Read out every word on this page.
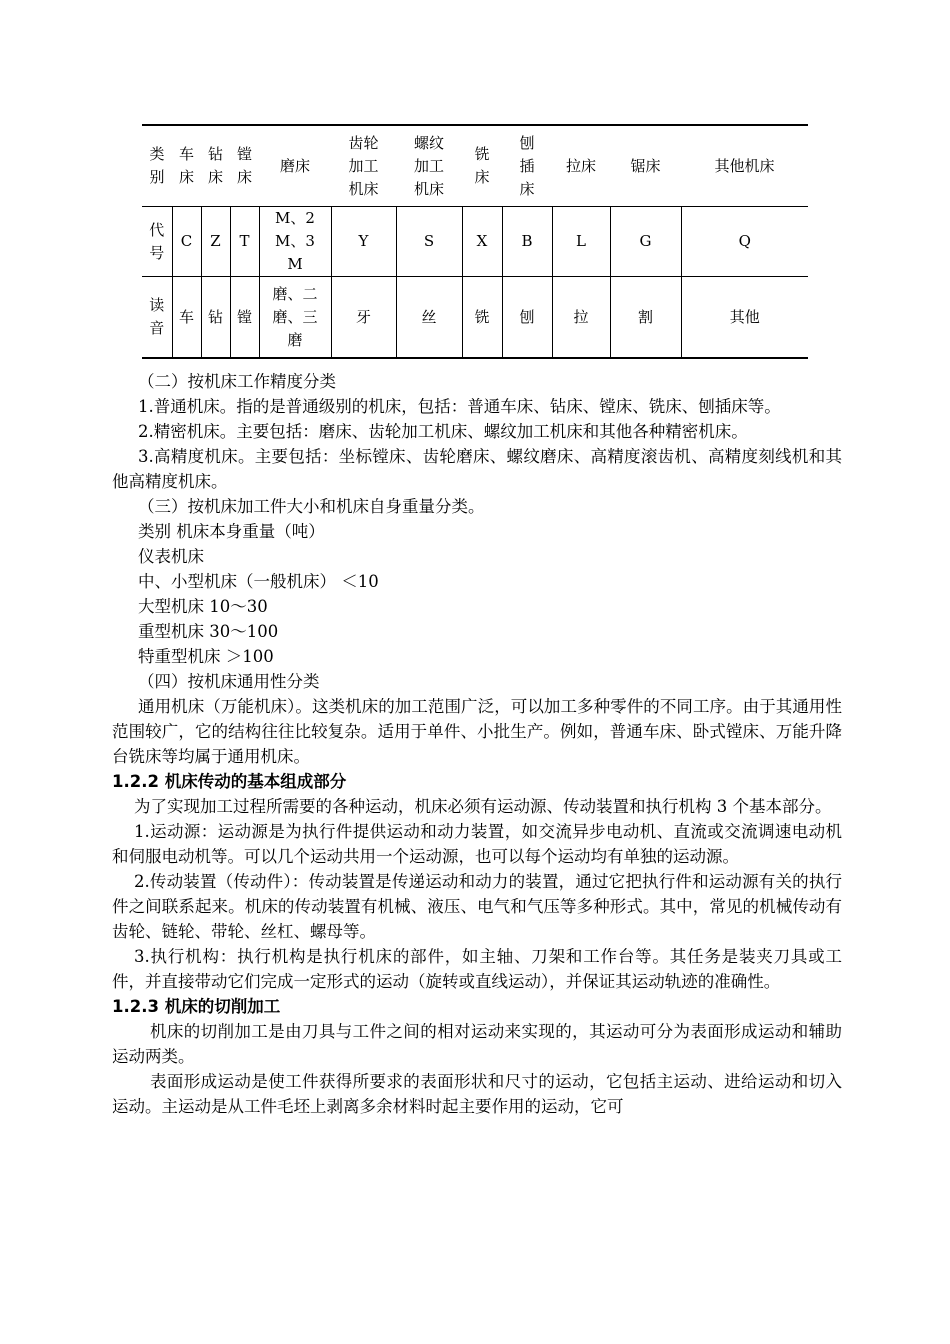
类别	车床	钻床	镗床	磨床	齿轮加工机床	螺纹加工机床	铣床	刨插床	拉床	锯床	其他机床
代号	C	Z	T	M、2M、3M	Y	S	X	B	L	G	Q
读音	车	钻	镗	磨、二磨、三磨	牙	丝	铣	刨	拉	割	其他

（二）按机床工作精度分类

1.普通机床。指的是普通级别的机床，包括：普通车床、钻床、镗床、铣床、刨插床等。

2.精密机床。主要包括：磨床、齿轮加工机床、螺纹加工机床和其他各种精密机床。

3.高精度机床。主要包括：坐标镗床、齿轮磨床、螺纹磨床、高精度滚齿机、高精度刻线机和其他高精度机床。

（三）按机床加工件大小和机床自身重量分类。

类别 机床本身重量（吨）

仪表机床

中、小型机床（一般机床） ＜10

大型机床 10～30

重型机床 30～100

特重型机床 ＞100

（四）按机床通用性分类

通用机床（万能机床）。这类机床的加工范围广泛，可以加工多种零件的不同工序。由于其通用性范围较广，它的结构往往比较复杂。适用于单件、小批生产。例如，普通车床、卧式镗床、万能升降台铣床等均属于通用机床。

1.2.2 机床传动的基本组成部分

为了实现加工过程所需要的各种运动，机床必须有运动源、传动装置和执行机构 3 个基本部分。

1.运动源：运动源是为执行件提供运动和动力装置，如交流异步电动机、直流或交流调速电动机和伺服电动机等。可以几个运动共用一个运动源，也可以每个运动均有单独的运动源。

2.传动装置（传动件）：传动装置是传递运动和动力的装置，通过它把执行件和运动源有关的执行件之间联系起来。机床的传动装置有机械、液压、电气和气压等多种形式。其中，常见的机械传动有齿轮、链轮、带轮、丝杠、螺母等。

3.执行机构：执行机构是执行机床的部件，如主轴、刀架和工作台等。其任务是装夹刀具或工件，并直接带动它们完成一定形式的运动（旋转或直线运动），并保证其运动轨迹的准确性。

1.2.3 机床的切削加工

机床的切削加工是由刀具与工件之间的相对运动来实现的，其运动可分为表面形成运动和辅助运动两类。

表面形成运动是使工件获得所要求的表面形状和尺寸的运动，它包括主运动、进给运动和切入运动。主运动是从工件毛坯上剥离多余材料时起主要作用的运动，它可
